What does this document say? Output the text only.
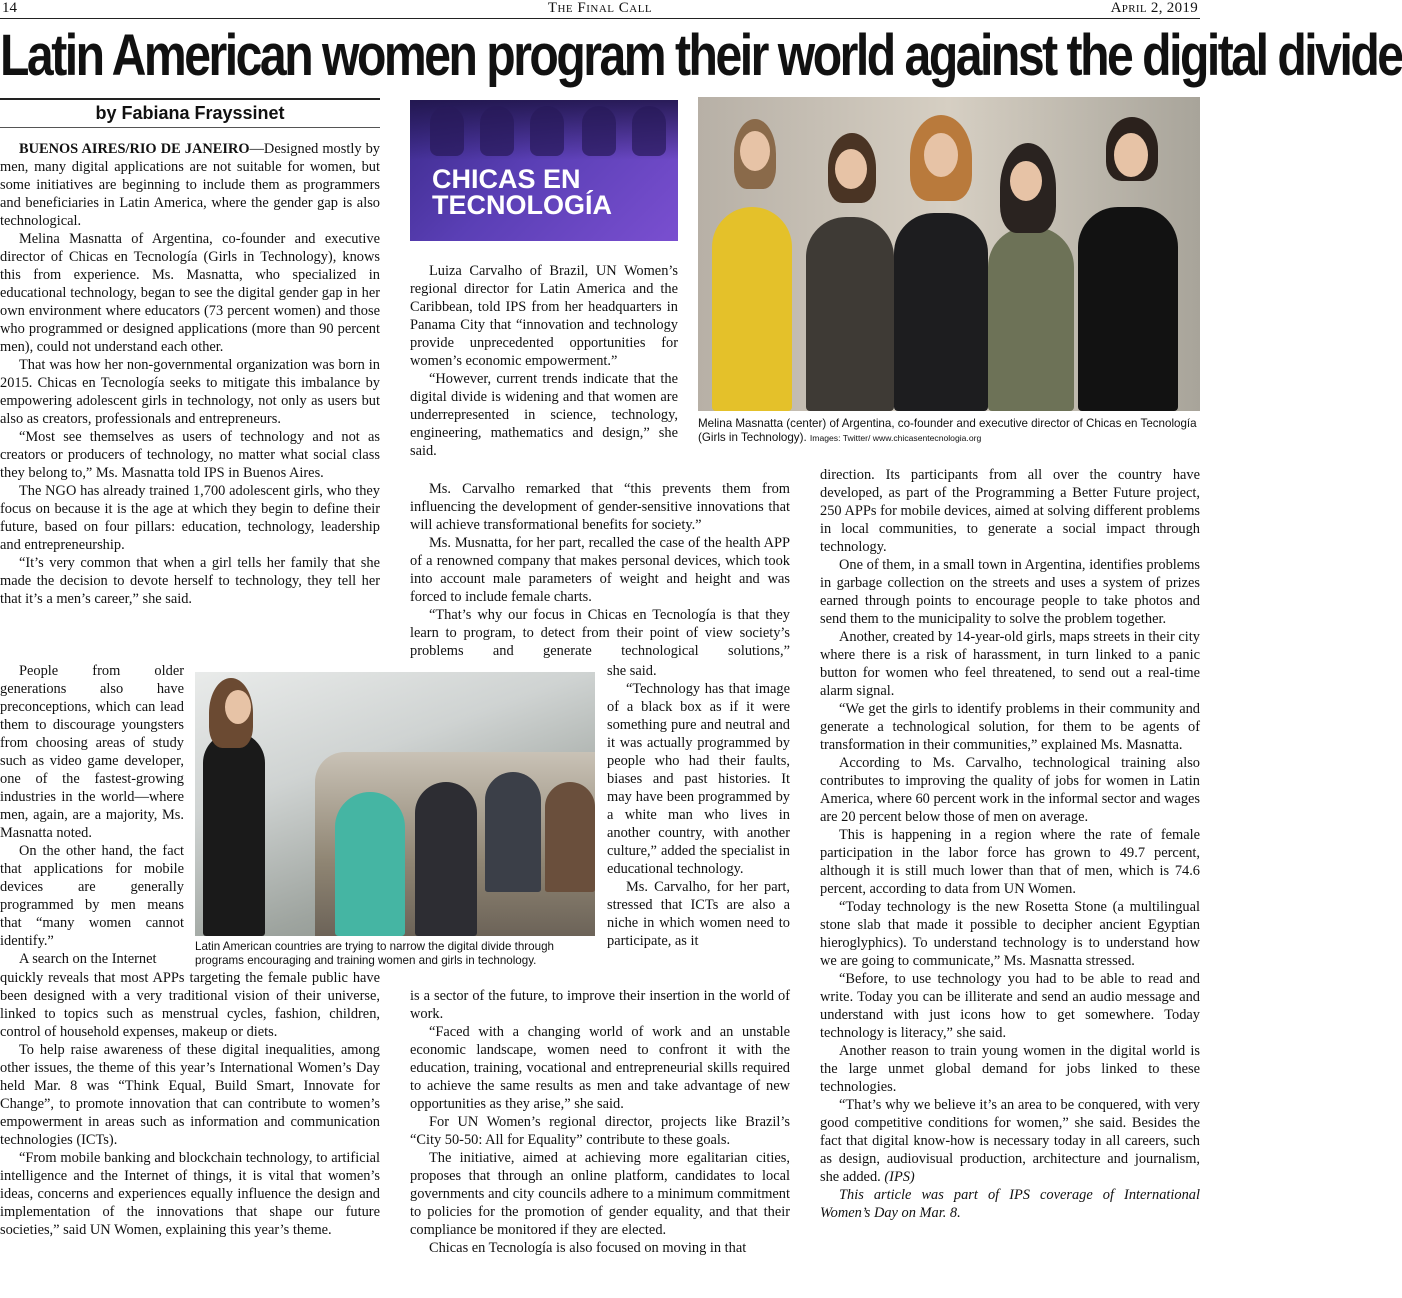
14	The Final Call	April 2, 2019
Latin American women program their world against the digital divide
by Fabiana Frayssinet

BUENOS AIRES/RIO DE JANEIRO—Designed mostly by men, many digital applications are not suitable for women, but some initiatives are beginning to include them as programmers and beneficiaries in Latin America, where the gender gap is also technological.

Melina Masnatta of Argentina, co-founder and executive director of Chicas en Tecnología (Girls in Technology), knows this from experience. Ms. Masnatta, who specialized in educational technology, began to see the digital gender gap in her own environment where educators (73 percent women) and those who programmed or designed applications (more than 90 percent men), could not understand each other.

That was how her non-governmental organization was born in 2015. Chicas en Tecnología seeks to mitigate this imbalance by empowering adolescent girls in technology, not only as users but also as creators, professionals and entrepreneurs.

“Most see themselves as users of technology and not as creators or producers of technology, no matter what social class they belong to,” Ms. Masnatta told IPS in Buenos Aires.

The NGO has already trained 1,700 adolescent girls, who they focus on because it is the age at which they begin to define their future, based on four pillars: education, technology, leadership and entrepreneurship.

“It’s very common that when a girl tells her family that she made the decision to devote herself to technology, they tell her that it’s a men’s career,” she said.

People from older generations also have preconceptions, which can lead them to discourage youngsters from choosing areas of study such as video game developer, one of the fastest-growing industries in the world—where men, again, are a majority, Ms. Masnatta noted.

On the other hand, the fact that applications for mobile devices are generally programmed by men means that “many women cannot identify.”

A search on the Internet

quickly reveals that most APPs targeting the female public have been designed with a very traditional vision of their universe, linked to topics such as menstrual cycles, fashion, children, control of household expenses, makeup or diets.

To help raise awareness of these digital inequalities, among other issues, the theme of this year’s International Women’s Day held Mar. 8 was “Think Equal, Build Smart, Innovate for Change”, to promote innovation that can contribute to women’s empowerment in areas such as information and communication technologies (ICTs).

“From mobile banking and blockchain technology, to artificial intelligence and the Internet of things, it is vital that women’s ideas, concerns and experiences equally influence the design and implementation of the innovations that shape our future societies,” said UN Women, explaining this year’s theme.

CHICAS EN
TECNOLOGÍA

Luiza Carvalho of Brazil, UN Women’s regional director for Latin America and the Caribbean, told IPS from her headquarters in Panama City that “innovation and technology provide unprecedented opportunities for women’s economic empowerment.”

“However, current trends indicate that the digital divide is widening and that women are underrepresented in science, technology, engineering, mathematics and design,” she said.

Ms. Carvalho remarked that “this prevents them from influencing the development of gender-sensitive innovations that will achieve transformational benefits for society.”

Ms. Musnatta, for her part, recalled the case of the health APP of a renowned company that makes personal devices, which took into account male parameters of weight and height and was forced to include female charts.

“That’s why our focus in Chicas en Tecnología is that they learn to program, to detect from their point of view society’s problems and generate technological solutions,”

she said.

“Technology has that image of a black box as if it were something pure and neutral and it was actually programmed by people who had their faults, biases and past histories. It may have been programmed by a white man who lives in another country, with another culture,” added the specialist in educational technology.

Ms. Carvalho, for her part, stressed that ICTs are also a niche in which women need to participate, as it

is a sector of the future, to improve their insertion in the world of work.

“Faced with a changing world of work and an unstable economic landscape, women need to confront it with the education, training, vocational and entrepreneurial skills required to achieve the same results as men and take advantage of new opportunities as they arise,” she said.

For UN Women’s regional director, projects like Brazil’s “City 50-50: All for Equality” contribute to these goals.

The initiative, aimed at achieving more egalitarian cities, proposes that through an online platform, candidates to local governments and city councils adhere to a minimum commitment to policies for the promotion of gender equality, and that their compliance be monitored if they are elected.

Chicas en Tecnología is also focused on moving in that

Melina Masnatta (center) of Argentina, co-founder and executive director of Chicas en Tecnología (Girls in Technology). Images: Twitter/ www.chicasentecnologia.org
Latin American countries are trying to narrow the digital divide through programs encouraging and training women and girls in technology.

direction. Its participants from all over the country have developed, as part of the Programming a Better Future project, 250 APPs for mobile devices, aimed at solving different problems in local communities, to generate a social impact through technology.

One of them, in a small town in Argentina, identifies problems in garbage collection on the streets and uses a system of prizes earned through points to encourage people to take photos and send them to the municipality to solve the problem together.

Another, created by 14-year-old girls, maps streets in their city where there is a risk of harassment, in turn linked to a panic button for women who feel threatened, to send out a real-time alarm signal.

“We get the girls to identify problems in their community and generate a technological solution, for them to be agents of transformation in their communities,” explained Ms. Masnatta.

According to Ms. Carvalho, technological training also contributes to improving the quality of jobs for women in Latin America, where 60 percent work in the informal sector and wages are 20 percent below those of men on average.

This is happening in a region where the rate of female participation in the labor force has grown to 49.7 percent, although it is still much lower than that of men, which is 74.6 percent, according to data from UN Women.

“Today technology is the new Rosetta Stone (a multilingual stone slab that made it possible to decipher ancient Egyptian hieroglyphics). To understand technology is to understand how we are going to communicate,” Ms. Masnatta stressed.

“Before, to use technology you had to be able to read and write. Today you can be illiterate and send an audio message and understand with just icons how to get somewhere. Today technology is literacy,” she said.

Another reason to train young women in the digital world is the large unmet global demand for jobs linked to these technologies.

“That’s why we believe it’s an area to be conquered, with very good competitive conditions for women,” she said. Besides the fact that digital know-how is necessary today in all careers, such as design, audiovisual production, architecture and journalism, she added. (IPS)

This article was part of IPS coverage of International Women’s Day on Mar. 8.
